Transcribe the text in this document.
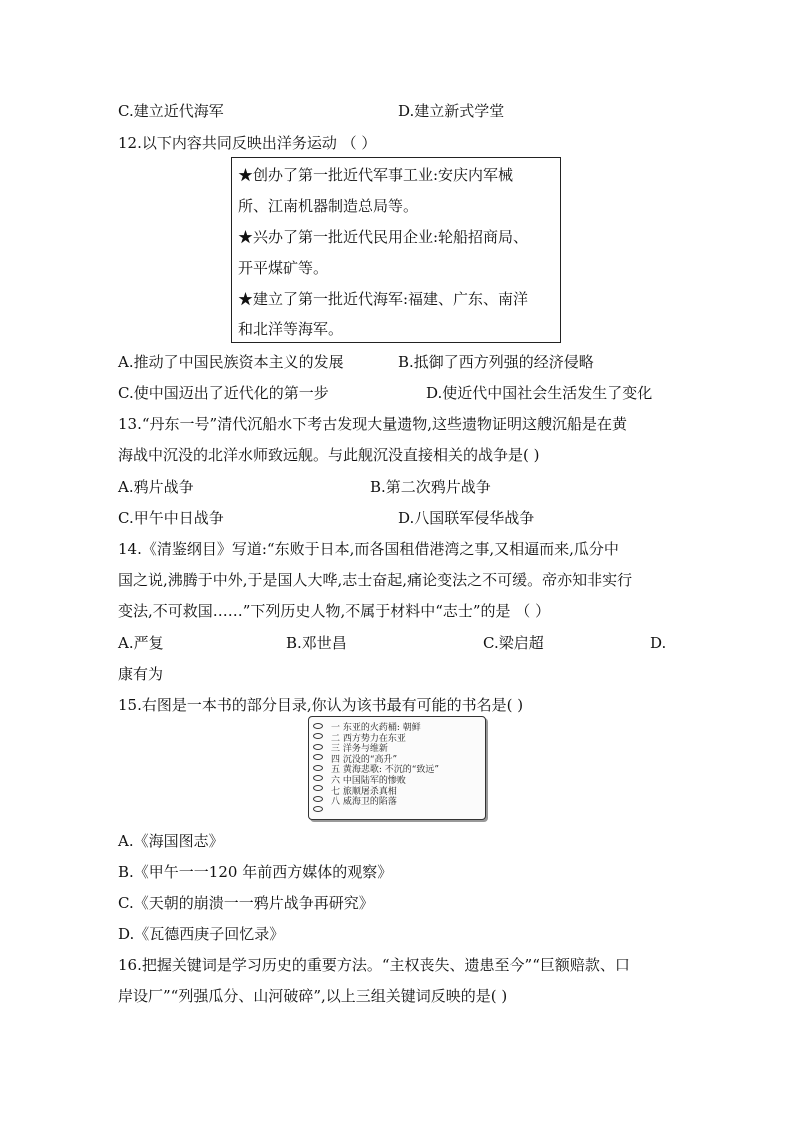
C.建立近代海军	D.建立新式学堂
12.以下内容共同反映出洋务运动 （ ）
★创办了第一批近代军事工业:安庆内军械
所、江南机器制造总局等。
★兴办了第一批近代民用企业:轮船招商局、
开平煤矿等。
★建立了第一批近代海军:福建、广东、南洋
和北洋等海军。
A.推动了中国民族资本主义的发展	B.抵御了西方列强的经济侵略
C.使中国迈出了近代化的第一步	D.使近代中国社会生活发生了变化
13.“丹东一号”清代沉船水下考古发现大量遗物,这些遗物证明这艘沉船是在黄
海战中沉没的北洋水师致远舰。与此舰沉没直接相关的战争是( )
A.鸦片战争	B.第二次鸦片战争
C.甲午中日战争	D.八国联军侵华战争
14.《清鉴纲目》写道:“东败于日本,而各国租借港湾之事,又相逼而来,瓜分中
国之说,沸腾于中外,于是国人大哗,志士奋起,痛论变法之不可缓。帝亦知非实行
变法,不可救国……”下列历史人物,不属于材料中“志士”的是 （ ）
A.严复	B.邓世昌	C.梁启超	D.
康有为
15.右图是一本书的部分目录,你认为该书最有可能的书名是( )
一 东亚的火药桶: 朝鲜
二 西方势力在东亚
三 洋务与维新
四 沉没的“高升”
五 黄海悲歌: 不沉的“致远”
六 中国陆军的惨败
七 旅顺屠杀真相
八 威海卫的陷落
A.《海国图志》
B.《甲午一一120 年前西方媒体的观察》
C.《天朝的崩溃一一鸦片战争再研究》
D.《瓦德西庚子回忆录》
16.把握关键词是学习历史的重要方法。“主权丧失、遗患至今”“巨额赔款、口
岸设厂”“列强瓜分、山河破碎”,以上三组关键词反映的是( )
